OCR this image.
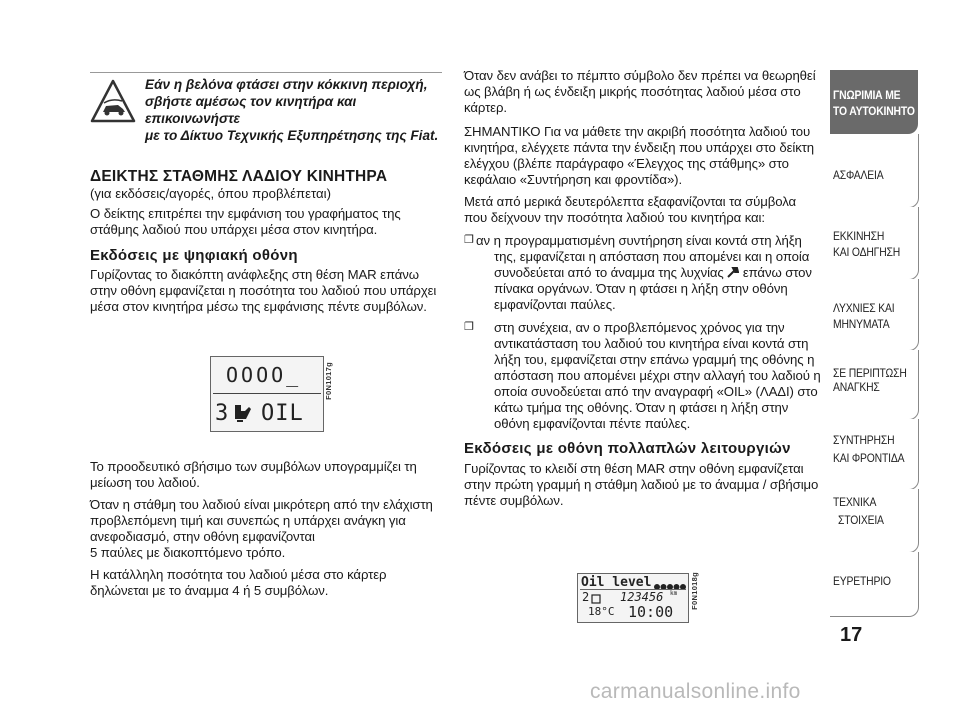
Εάν η βελόνα φτάσει στην κόκκινη περιοχή,

σβήστε αμέσως τον κινητήρα και επικοινωνήστε

με το Δίκτυο Τεχνικής Εξυπηρέτησης της Fiat.

ΔΕΙΚΤΗΣ ΣΤΑΘΜΗΣ ΛΑΔΙΟΥ ΚΙΝΗΤΗΡΑ
(για εκδόσεις/αγορές, όπου προβλέπεται)

Ο δείκτης επιτρέπει την εμφάνιση του γραφήματος της

στάθμης λαδιού που υπάρχει μέσα στον κινητήρα.

Εκδόσεις με ψηφιακή οθόνη

Γυρίζοντας το διακόπτη ανάφλεξης στη θέση MAR επάνω

στην οθόνη εμφανίζεται η ποσότητα του λαδιού που υπάρχει

μέσα στον κινητήρα μέσω της εμφάνισης πέντε συμβόλων.

OOOO_
3 OIL
F0N1017g

Το προοδευτικό σβήσιμο των συμβόλων υπογραμμίζει τη

μείωση του λαδιού.

Όταν η στάθμη του λαδιού είναι μικρότερη από την ελάχιστη

προβλεπόμενη τιμή και συνεπώς η υπάρχει ανάγκη για

ανεφοδιασμό, στην οθόνη εμφανίζονται

5 παύλες με διακοπτόμενο τρόπο.

Η κατάλληλη ποσότητα του λαδιού μέσα στο κάρτερ

δηλώνεται με το άναμμα 4 ή 5 συμβόλων.

Όταν δεν ανάβει το πέμπτο σύμβολο δεν πρέπει να θεωρηθεί

ως βλάβη ή ως ένδειξη μικρής ποσότητας λαδιού μέσα στο

κάρτερ.

ΣΗΜΑΝΤΙΚΟ Για να μάθετε την ακριβή ποσότητα λαδιού του

κινητήρα, ελέγχετε πάντα την ένδειξη που υπάρχει στο δείκτη

ελέγχου (βλέπε παράγραφο «Έλεγχος της στάθμης» στο

κεφάλαιο «Συντήρηση και φροντίδα»).

Μετά από μερικά δευτερόλεπτα εξαφανίζονται τα σύμβολα

που δείχνουν την ποσότητα λαδιού του κινητήρα και:

❐ αν η προγραμματισμένη συντήρηση είναι κοντά στη λήξη

της, εμφανίζεται η απόσταση που απομένει και η οποία

συνοδεύεται από το άναμμα της λυχνίας επάνω στον

πίνακα οργάνων. Όταν η φτάσει η λήξη στην οθόνη

εμφανίζονται παύλες.

❐	στη συνέχεια, αν ο προβλεπόμενος χρόνος για την

αντικατάσταση του λαδιού του κινητήρα είναι κοντά στη

λήξη του, εμφανίζεται στην επάνω γραμμή της οθόνης η

απόσταση που απομένει μέχρι στην αλλαγή του λαδιού η

οποία συνοδεύεται από την αναγραφή «OIL» (ΛΑΔΙ) στο

κάτω τμήμα της οθόνης. Όταν η φτάσει η λήξη στην

οθόνη εμφανίζονται πέντε παύλες.

Εκδόσεις με οθόνη πολλαπλών λειτουργιών

Γυρίζοντας το κλειδί στη θέση MAR στην οθόνη εμφανίζεται

στην πρώτη γραμμή η στάθμη λαδιού με το άναμμα / σβήσιμο

πέντε συμβόλων.

Oil level
2	123456 km
18°C 10:00
F0N1018g
ΓΝΩΡΙΜΙΑ ΜΕ
ΤΟ ΑΥΤΟΚΙΝΗΤΟ
ΑΣΦΑΛΕΙΑ
ΕΚΚΙΝΗΣΗ
ΚΑΙ ΟΔΗΓΗΣΗ
ΛΥΧΝΙΕΣ ΚΑΙ
ΜΗΝΥΜΑΤΑ
ΣΕ ΠΕΡΙΠΤΩΣΗ
ΑΝΑΓΚΗΣ
ΣΥΝΤΗΡΗΣΗ
ΚΑΙ ΦΡΟΝΤΙΔΑ
ΤΕΧΝΙΚΑ
ΣΤΟΙΧΕΙΑ
ΕΥΡΕΤΗΡΙΟ
17
carmanualsonline.info
